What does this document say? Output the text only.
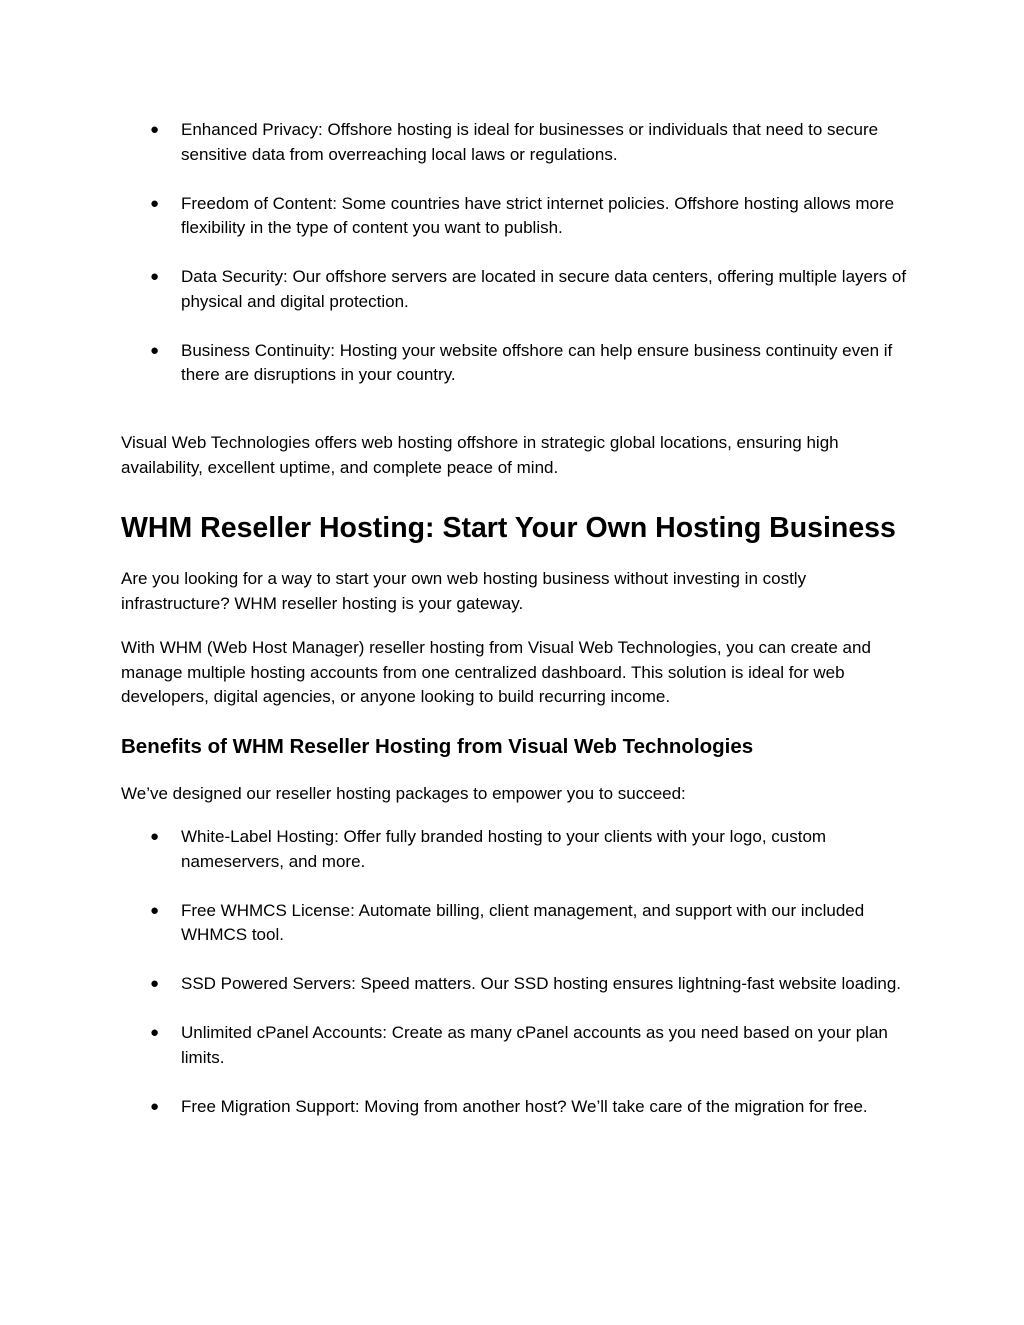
● Enhanced Privacy: Offshore hosting is ideal for businesses or individuals that need to secure sensitive data from overreaching local laws or regulations.
● Freedom of Content: Some countries have strict internet policies. Offshore hosting allows more flexibility in the type of content you want to publish.
● Data Security: Our offshore servers are located in secure data centers, offering multiple layers of physical and digital protection.
● Business Continuity: Hosting your website offshore can help ensure business continuity even if there are disruptions in your country.

Visual Web Technologies offers web hosting offshore in strategic global locations, ensuring high availability, excellent uptime, and complete peace of mind.

WHM Reseller Hosting: Start Your Own Hosting Business

Are you looking for a way to start your own web hosting business without investing in costly infrastructure? WHM reseller hosting is your gateway.

With WHM (Web Host Manager) reseller hosting from Visual Web Technologies, you can create and manage multiple hosting accounts from one centralized dashboard. This solution is ideal for web developers, digital agencies, or anyone looking to build recurring income.

Benefits of WHM Reseller Hosting from Visual Web Technologies

We’ve designed our reseller hosting packages to empower you to succeed:

● White-Label Hosting: Offer fully branded hosting to your clients with your logo, custom nameservers, and more.
● Free WHMCS License: Automate billing, client management, and support with our included WHMCS tool.
● SSD Powered Servers: Speed matters. Our SSD hosting ensures lightning-fast website loading.
● Unlimited cPanel Accounts: Create as many cPanel accounts as you need based on your plan limits.
● Free Migration Support: Moving from another host? We’ll take care of the migration for free.
